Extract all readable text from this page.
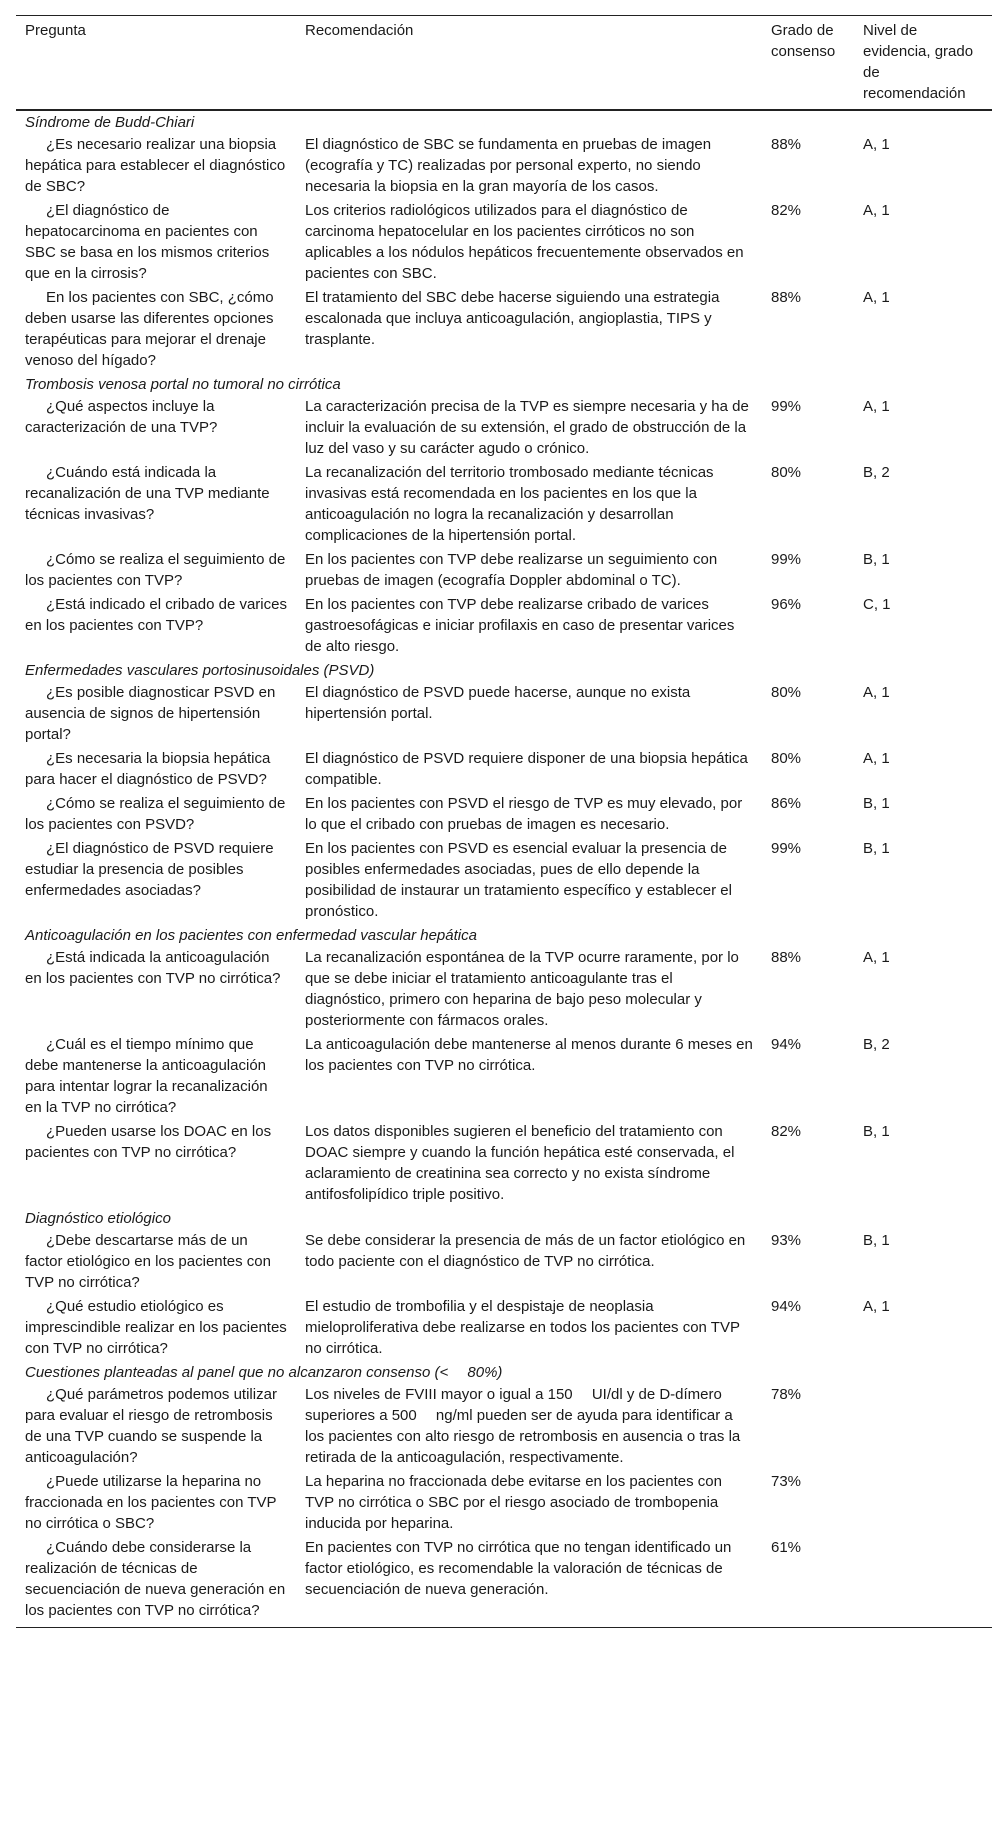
Pregunta	Recomendación	Grado de consenso	Nivel de evidencia, grado de recomendación
Síndrome de Budd-Chiari			
¿Es necesario realizar una biopsia hepática para establecer el diagnóstico de SBC?	El diagnóstico de SBC se fundamenta en pruebas de imagen (ecografía y TC) realizadas por personal experto, no siendo necesaria la biopsia en la gran mayoría de los casos.	88%	A, 1
¿El diagnóstico de hepatocarcinoma en pacientes con SBC se basa en los mismos criterios que en la cirrosis?	Los criterios radiológicos utilizados para el diagnóstico de carcinoma hepatocelular en los pacientes cirróticos no son aplicables a los nódulos hepáticos frecuentemente observados en pacientes con SBC.	82%	A, 1
En los pacientes con SBC, ¿cómo deben usarse las diferentes opciones terapéuticas para mejorar el drenaje venoso del hígado?	El tratamiento del SBC debe hacerse siguiendo una estrategia escalonada que incluya anticoagulación, angioplastia, TIPS y trasplante.	88%	A, 1
Trombosis venosa portal no tumoral no cirrótica			
¿Qué aspectos incluye la caracterización de una TVP?	La caracterización precisa de la TVP es siempre necesaria y ha de incluir la evaluación de su extensión, el grado de obstrucción de la luz del vaso y su carácter agudo o crónico.	99%	A, 1
¿Cuándo está indicada la recanalización de una TVP mediante técnicas invasivas?	La recanalización del territorio trombosado mediante técnicas invasivas está recomendada en los pacientes en los que la anticoagulación no logra la recanalización y desarrollan complicaciones de la hipertensión portal.	80%	B, 2
¿Cómo se realiza el seguimiento de los pacientes con TVP?	En los pacientes con TVP debe realizarse un seguimiento con pruebas de imagen (ecografía Doppler abdominal o TC).	99%	B, 1
¿Está indicado el cribado de varices en los pacientes con TVP?	En los pacientes con TVP debe realizarse cribado de varices gastroesofágicas e iniciar profilaxis en caso de presentar varices de alto riesgo.	96%	C, 1
Enfermedades vasculares portosinusoidales (PSVD)			
¿Es posible diagnosticar PSVD en ausencia de signos de hipertensión portal?	El diagnóstico de PSVD puede hacerse, aunque no exista hipertensión portal.	80%	A, 1
¿Es necesaria la biopsia hepática para hacer el diagnóstico de PSVD?	El diagnóstico de PSVD requiere disponer de una biopsia hepática compatible.	80%	A, 1
¿Cómo se realiza el seguimiento de los pacientes con PSVD?	En los pacientes con PSVD el riesgo de TVP es muy elevado, por lo que el cribado con pruebas de imagen es necesario.	86%	B, 1
¿El diagnóstico de PSVD requiere estudiar la presencia de posibles enfermedades asociadas?	En los pacientes con PSVD es esencial evaluar la presencia de posibles enfermedades asociadas, pues de ello depende la posibilidad de instaurar un tratamiento específico y establecer el pronóstico.	99%	B, 1
Anticoagulación en los pacientes con enfermedad vascular hepática			
¿Está indicada la anticoagulación en los pacientes con TVP no cirrótica?	La recanalización espontánea de la TVP ocurre raramente, por lo que se debe iniciar el tratamiento anticoagulante tras el diagnóstico, primero con heparina de bajo peso molecular y posteriormente con fármacos orales.	88%	A, 1
¿Cuál es el tiempo mínimo que debe mantenerse la anticoagulación para intentar lograr la recanalización en la TVP no cirrótica?	La anticoagulación debe mantenerse al menos durante 6 meses en los pacientes con TVP no cirrótica.	94%	B, 2
¿Pueden usarse los DOAC en los pacientes con TVP no cirrótica?	Los datos disponibles sugieren el beneficio del tratamiento con DOAC siempre y cuando la función hepática esté conservada, el aclaramiento de creatinina sea correcto y no exista síndrome antifosfolipídico triple positivo.	82%	B, 1
Diagnóstico etiológico			
¿Debe descartarse más de un factor etiológico en los pacientes con TVP no cirrótica?	Se debe considerar la presencia de más de un factor etiológico en todo paciente con el diagnóstico de TVP no cirrótica.	93%	B, 1
¿Qué estudio etiológico es imprescindible realizar en los pacientes con TVP no cirrótica?	El estudio de trombofilia y el despistaje de neoplasia mieloproliferativa debe realizarse en todos los pacientes con TVP no cirrótica.	94%	A, 1
Cuestiones planteadas al panel que no alcanzaron consenso (<  80%)			
¿Qué parámetros podemos utilizar para evaluar el riesgo de retrombosis de una TVP cuando se suspende la anticoagulación?	Los niveles de FVIII mayor o igual a 150  UI/dl y de D-dímero superiores a 500  ng/ml pueden ser de ayuda para identificar a los pacientes con alto riesgo de retrombosis en ausencia o tras la retirada de la anticoagulación, respectivamente.	78%	
¿Puede utilizarse la heparina no fraccionada en los pacientes con TVP no cirrótica o SBC?	La heparina no fraccionada debe evitarse en los pacientes con TVP no cirrótica o SBC por el riesgo asociado de trombopenia inducida por heparina.	73%	
¿Cuándo debe considerarse la realización de técnicas de secuenciación de nueva generación en los pacientes con TVP no cirrótica?	En pacientes con TVP no cirrótica que no tengan identificado un factor etiológico, es recomendable la valoración de técnicas de secuenciación de nueva generación.	61%	
